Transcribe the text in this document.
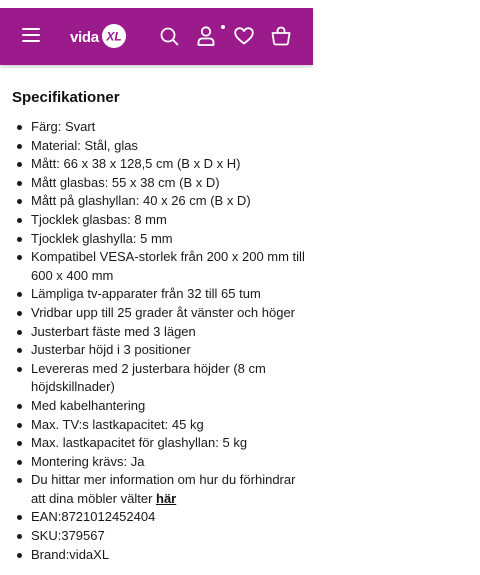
vida XL
Specifikationer
Färg: Svart
Material: Stål, glas
Mått: 66 x 38 x 128,5 cm (B x D x H)
Mått glasbas: 55 x 38 cm (B x D)
Mått på glashyllan: 40 x 26 cm (B x D)
Tjocklek glasbas: 8 mm
Tjocklek glashylla: 5 mm
Kompatibel VESA-storlek från 200 x 200 mm till 600 x 400 mm
Lämpliga tv-apparater från 32 till 65 tum
Vridbar upp till 25 grader åt vänster och höger
Justerbart fäste med 3 lägen
Justerbar höjd i 3 positioner
Levereras med 2 justerbara höjder (8 cm höjdskillnader)
Med kabelhantering
Max. TV:s lastkapacitet: 45 kg
Max. lastkapacitet för glashyllan: 5 kg
Montering krävs: Ja
Du hittar mer information om hur du förhindrar att dina möbler välter här
EAN:8721012452404
SKU:379567
Brand:vidaXL
